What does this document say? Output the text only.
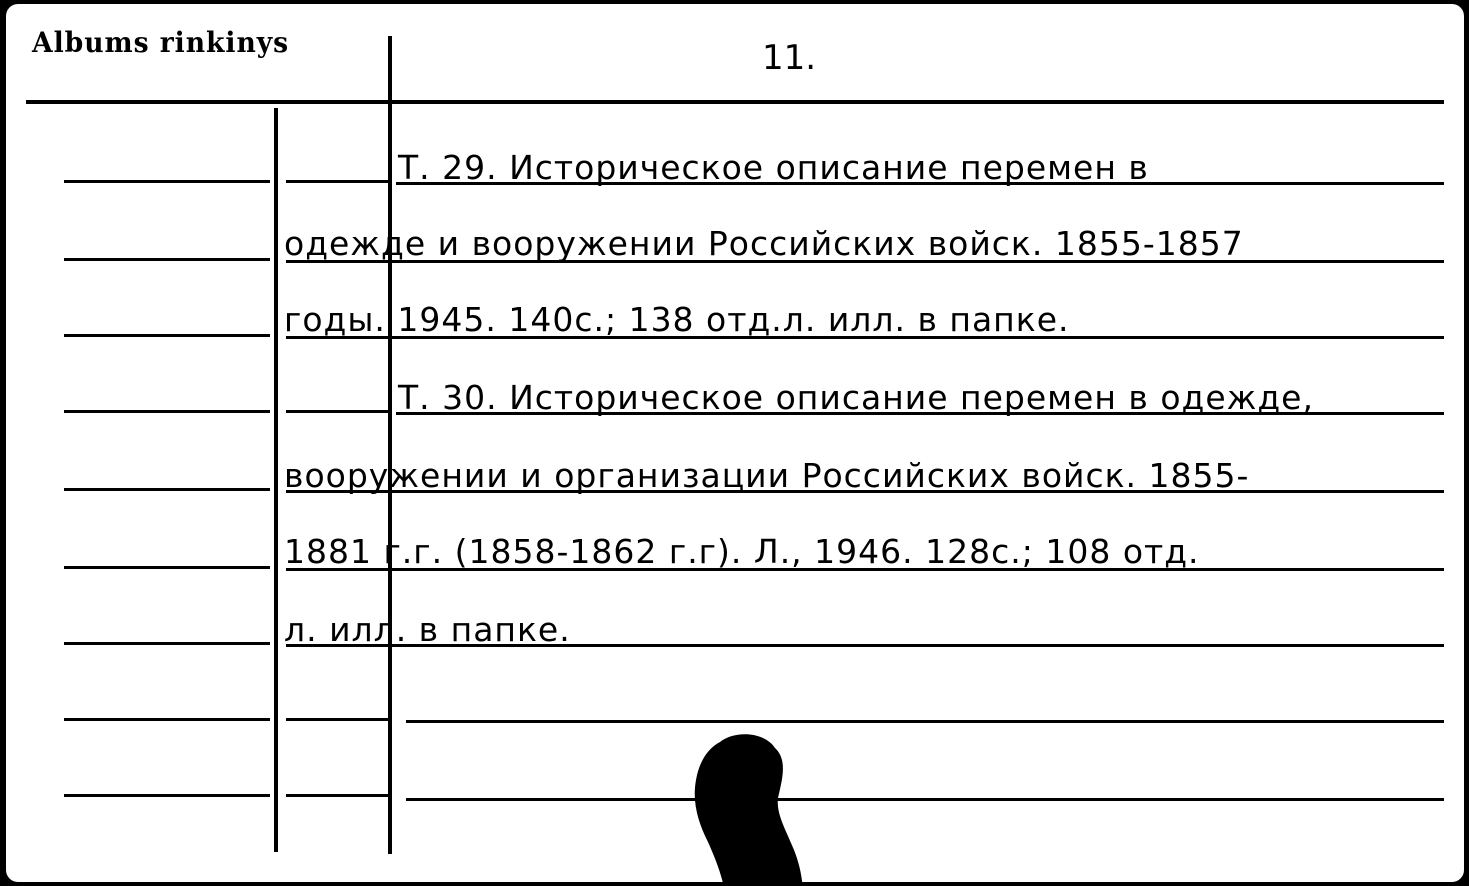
Albums rinkinys	11.
Т. 29. Историческое описание перемен в
одежде и вооружении Российских войск. 1855-1857
годы. 1945. 140с.; 138 отд.л. илл. в папке.
Т. 30. Историческое описание перемен в одежде,
вооружении и организации Российских войск. 1855-
1881 г.г. (1858-1862 г.г). Л., 1946. 128с.; 108 отд.
л. илл. в папке.
